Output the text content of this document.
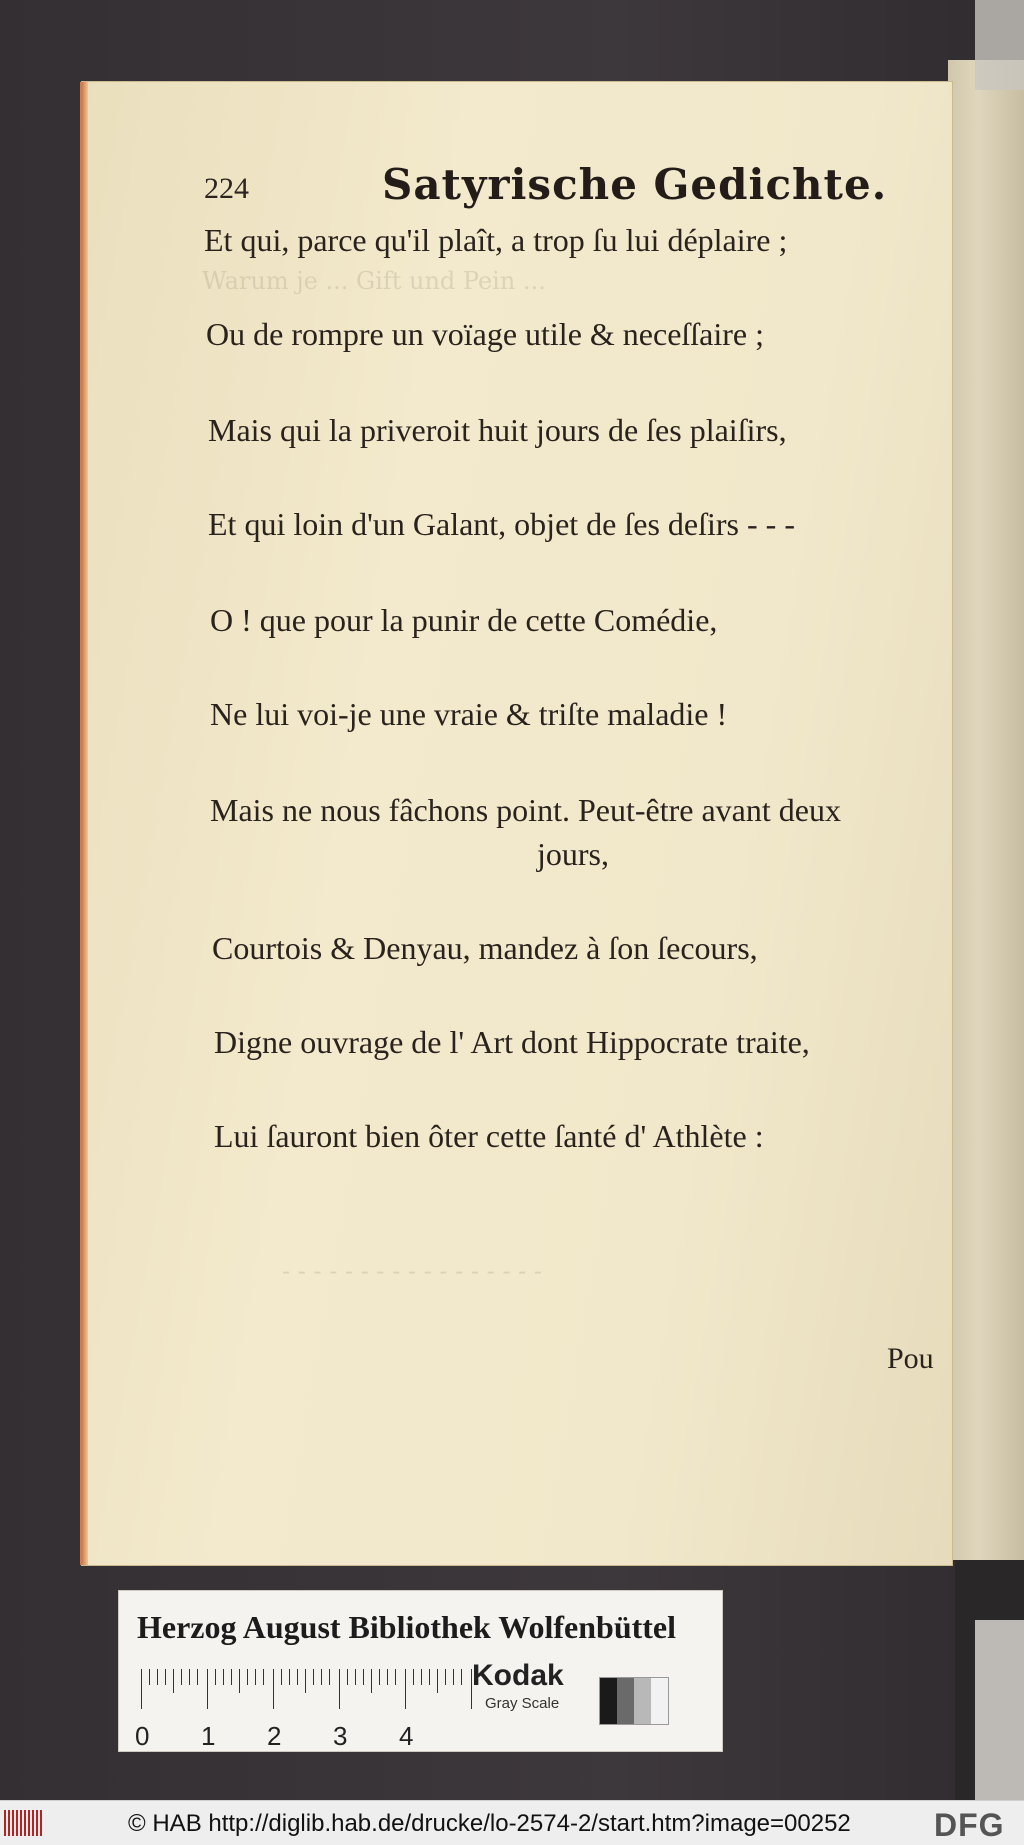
224	Satyrische Gedichte.
Et qui, parce qu'il plaît, a trop ſu lui déplaire ;
Ou de rompre un voïage utile & neceſſaire ;
Mais qui la priveroit huit jours de ſes plaiſirs,
Et qui loin d'un Galant, objet de ſes deſirs - - -
O ! que pour la punir de cette Comédie,
Ne lui voi-je une vraie & triſte maladie !
Mais ne nous fâchons point. Peut-être avant deux
jours,
Courtois & Denyau, mandez à ſon ſecours,
Digne ouvrage de l' Art dont Hippocrate traite,
Lui ſauront bien ôter cette ſanté d' Athlète :
Warum je ... Gift und Pein ...
- - - - - - - - - - - - - - - - -
Pou
Herzog August Bibliothek Wolfenbüttel
0 1 2 3 4
Kodak
Gray Scale
© HAB http://diglib.hab.de/drucke/lo-2574-2/start.htm?image=00252	DFG
